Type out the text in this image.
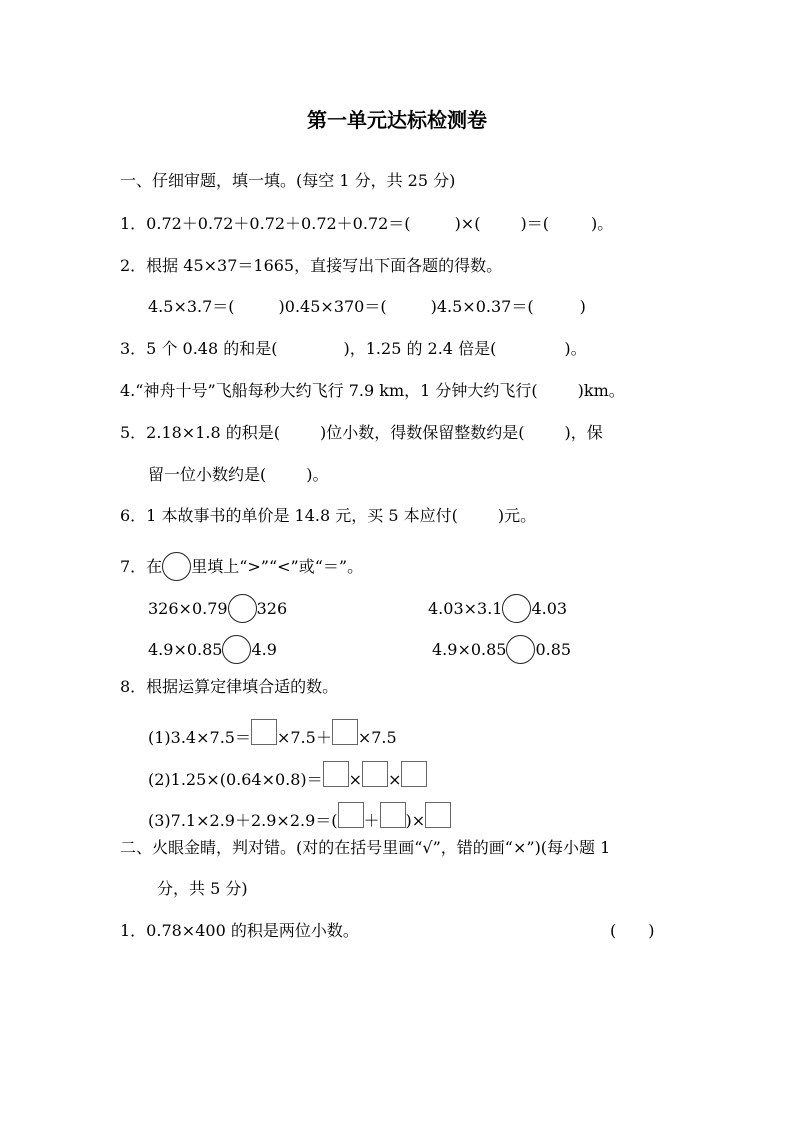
第一单元达标检测卷
一、仔细审题，填一填。(每空 1 分，共 25 分)
1．0.72＋0.72＋0.72＋0.72＋0.72＝(	)×(	)＝(	)。
2．根据 45×37＝1665，直接写出下面各题的得数。
4.5×3.7＝(	)0.45×370＝(	)4.5×0.37＝(	)
3．5 个 0.48 的和是(	)，1.25 的 2.4 倍是(	)。
4.“神舟十号”飞船每秒大约飞行 7.9 km，1 分钟大约飞行(	)km。
5．2.18×1.8 的积是(	)位小数，得数保留整数约是(	)，保
留一位小数约是(	)。
6．1 本故事书的单价是 14.8 元，买 5 本应付(	)元。
7．在 里填上“>”“<”或“＝”。
326×0.79 326	4.03×3.1 4.03
4.9×0.85 4.9	4.9×0.85 0.85
8．根据运算定律填合适的数。
(1)3.4×7.5＝ ×7.5＋ ×7.5
(2)1.25×(0.64×0.8)＝ × ×
(3)7.1×2.9＋2.9×2.9＝( ＋ )×
二、火眼金睛，判对错。(对的在括号里画“√”，错的画“×”)(每小题 1
分，共 5 分)
1．0.78×400 的积是两位小数。	(　　)
